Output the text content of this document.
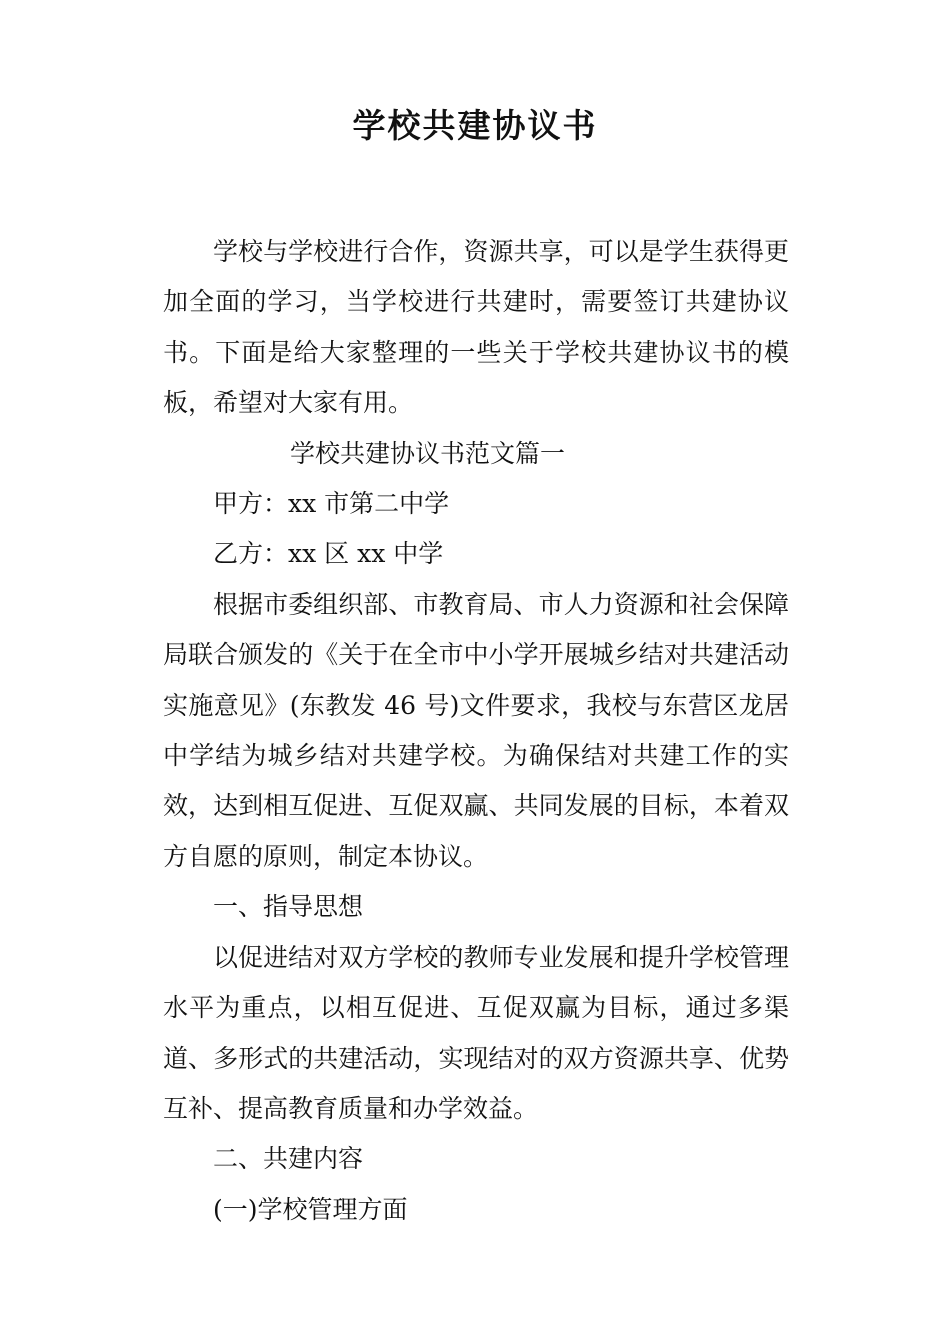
学校共建协议书

学校与学校进行合作，资源共享，可以是学生获得更加全面的学习，当学校进行共建时，需要签订共建协议书。下面是给大家整理的一些关于学校共建协议书的模板，希望对大家有用。

学校共建协议书范文篇一

甲方：xx 市第二中学

乙方：xx 区 xx 中学

根据市委组织部、市教育局、市人力资源和社会保障局联合颁发的《关于在全市中小学开展城乡结对共建活动实施意见》(东教发 46 号)文件要求，我校与东营区龙居中学结为城乡结对共建学校。为确保结对共建工作的实效，达到相互促进、互促双赢、共同发展的目标，本着双方自愿的原则，制定本协议。

一、指导思想

以促进结对双方学校的教师专业发展和提升学校管理水平为重点，以相互促进、互促双赢为目标，通过多渠道、多形式的共建活动，实现结对的双方资源共享、优势互补、提高教育质量和办学效益。

二、共建内容

(一)学校管理方面
